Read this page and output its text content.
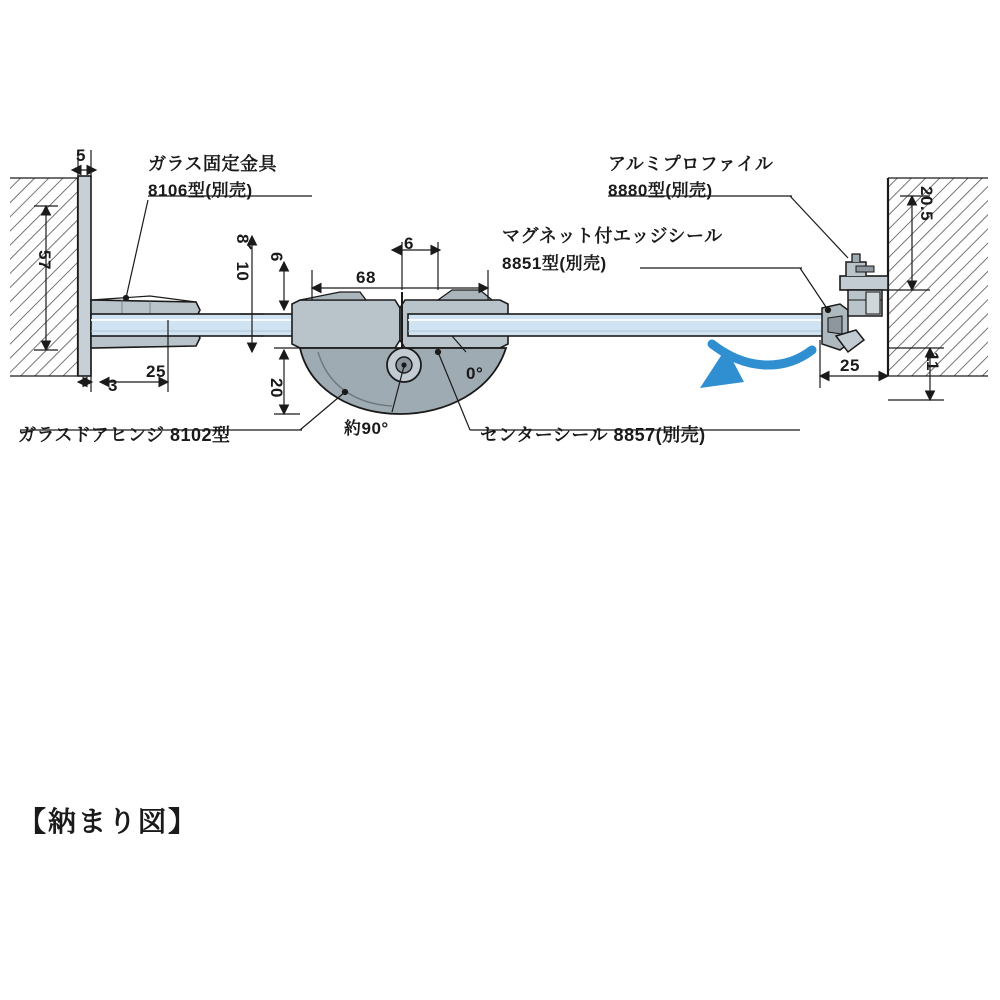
ガラス固定金具
8106型(別売)
アルミプロファイル
8880型(別売)
マグネット付エッジシール
8851型(別売)
ガラスドアヒンジ 8102型	センターシール 8857(別売)
5
57
3
25
8、10 6
20
68
6
20.5
11
25
約90°
0°
【納まり図】
